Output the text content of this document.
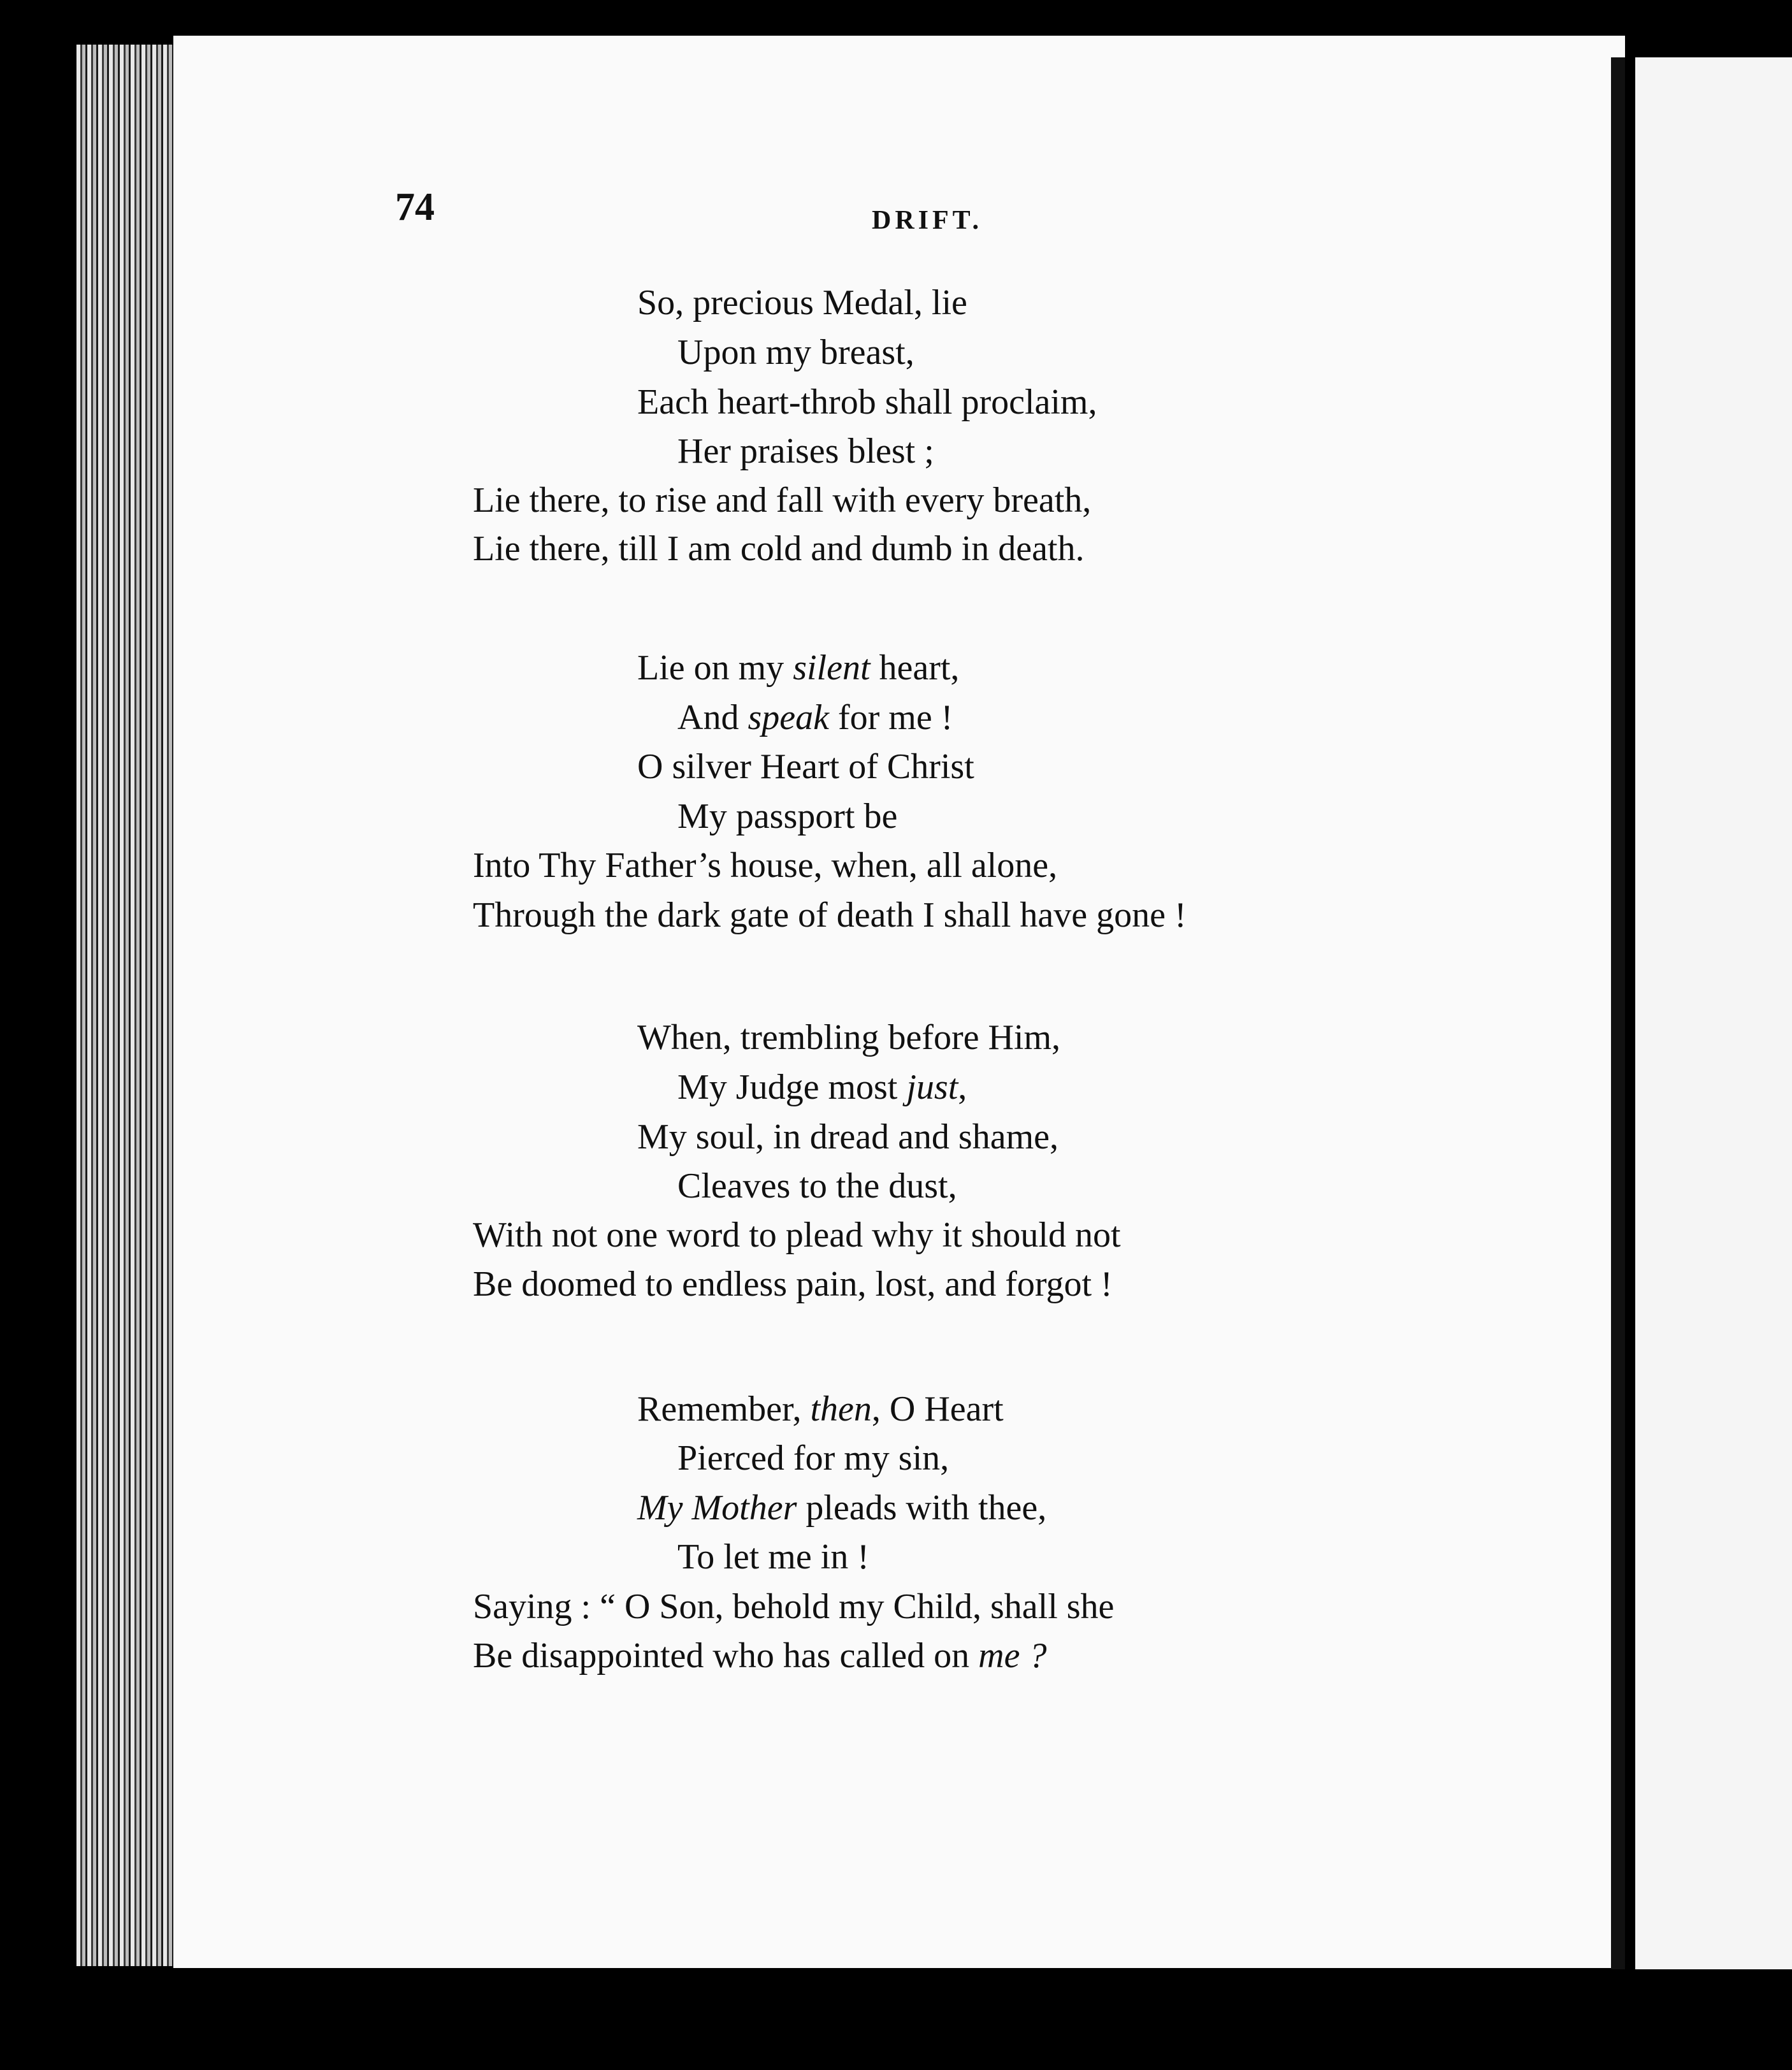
74	DRIFT.
So, precious Medal, lie
Upon my breast,
Each heart-throb shall proclaim,
Her praises blest ;
Lie there, to rise and fall with every breath,
Lie there, till I am cold and dumb in death.
Lie on my silent heart,
And speak for me !
O silver Heart of Christ
My passport be
Into Thy Father’s house, when, all alone,
Through the dark gate of death I shall have gone !
When, trembling before Him,
My Judge most just,
My soul, in dread and shame,
Cleaves to the dust,
With not one word to plead why it should not
Be doomed to endless pain, lost, and forgot !
Remember, then, O Heart
Pierced for my sin,
My Mother pleads with thee,
To let me in !
Saying : “ O Son, behold my Child, shall she
Be disappointed who has called on me ?
